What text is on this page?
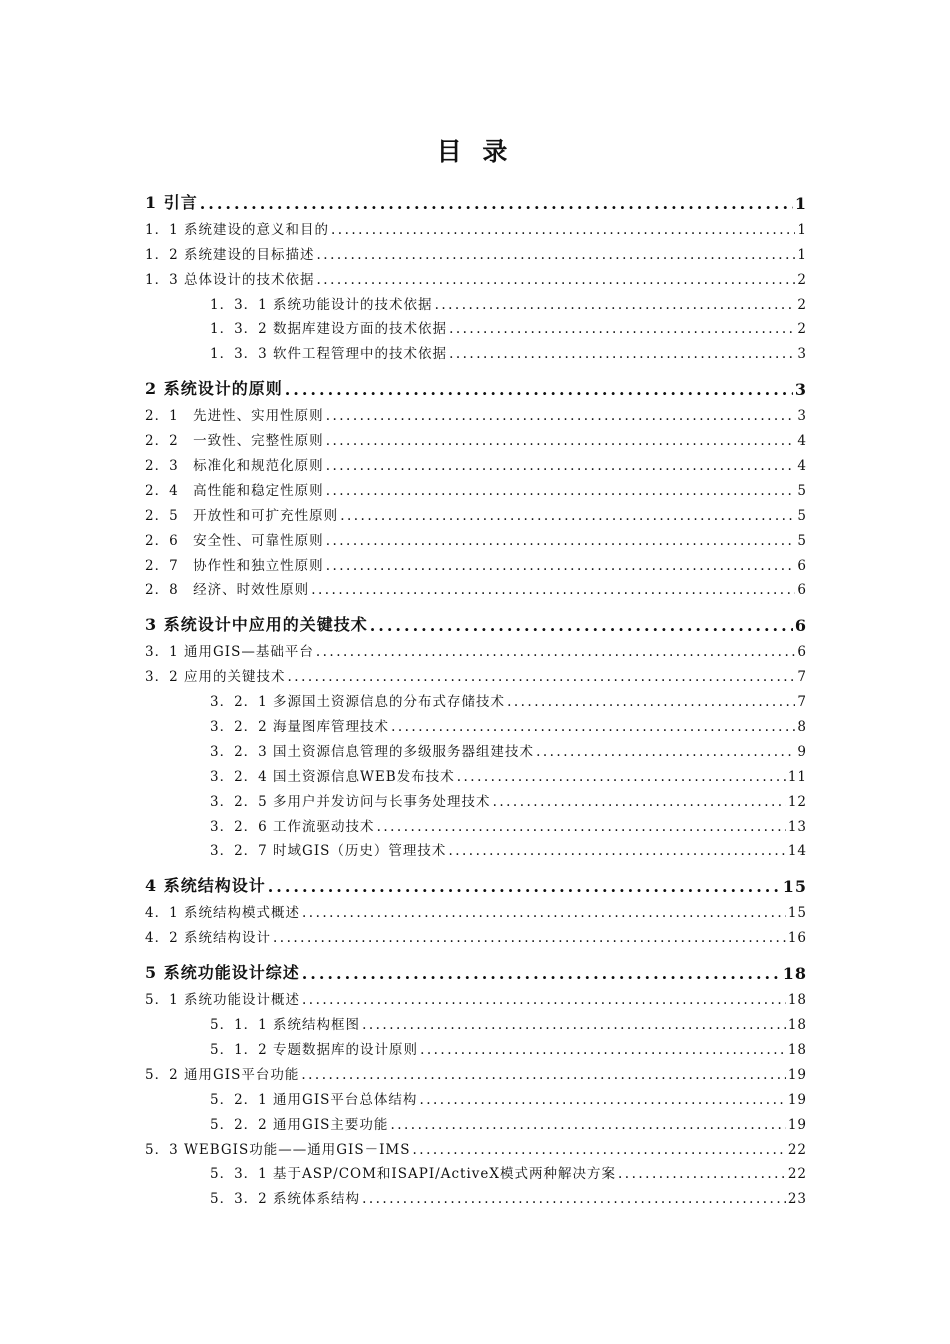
目 录
1 引言 .....	1
1．1 系统建设的意义和目的 .....	1
1．2 系统建设的目标描述 .....	1
1．3 总体设计的技术依据 .....	2
1．3．1 系统功能设计的技术依据 .....	2
1．3．2 数据库建设方面的技术依据 .....	2
1．3．3 软件工程管理中的技术依据 .....	3
2 系统设计的原则 .....	3
2．1　先进性、实用性原则 .....	3
2．2　一致性、完整性原则 .....	4
2．3　标准化和规范化原则 .....	4
2．4　高性能和稳定性原则 .....	5
2．5　开放性和可扩充性原则 .....	5
2．6　安全性、可靠性原则 .....	5
2．7　协作性和独立性原则 .....	6
2．8　经济、时效性原则 .....	6
3 系统设计中应用的关键技术 .....	6
3．1 通用GIS—基础平台 .....	6
3．2 应用的关键技术 .....	7
3．2．1 多源国土资源信息的分布式存储技术 .....	7
3．2．2 海量图库管理技术 .....	8
3．2．3 国土资源信息管理的多级服务器组建技术 .....	9
3．2．4 国土资源信息WEB发布技术 .....	11
3．2．5 多用户并发访问与长事务处理技术 .....	12
3．2．6 工作流驱动技术 .....	13
3．2．7 时域GIS（历史）管理技术 .....	14
4 系统结构设计 .....	15
4．1 系统结构模式概述 .....	15
4．2 系统结构设计 .....	16
5 系统功能设计综述 .....	18
5．1 系统功能设计概述 .....	18
5．1．1 系统结构框图 .....	18
5．1．2 专题数据库的设计原则 .....	18
5．2 通用GIS平台功能 .....	19
5．2．1 通用GIS平台总体结构 .....	19
5．2．2 通用GIS主要功能 .....	19
5．3 WEBGIS功能——通用GIS－IMS .....	22
5．3．1 基于ASP/COM和ISAPI/ActiveX模式两种解决方案 .....	22
5．3．2 系统体系结构 .....	23
